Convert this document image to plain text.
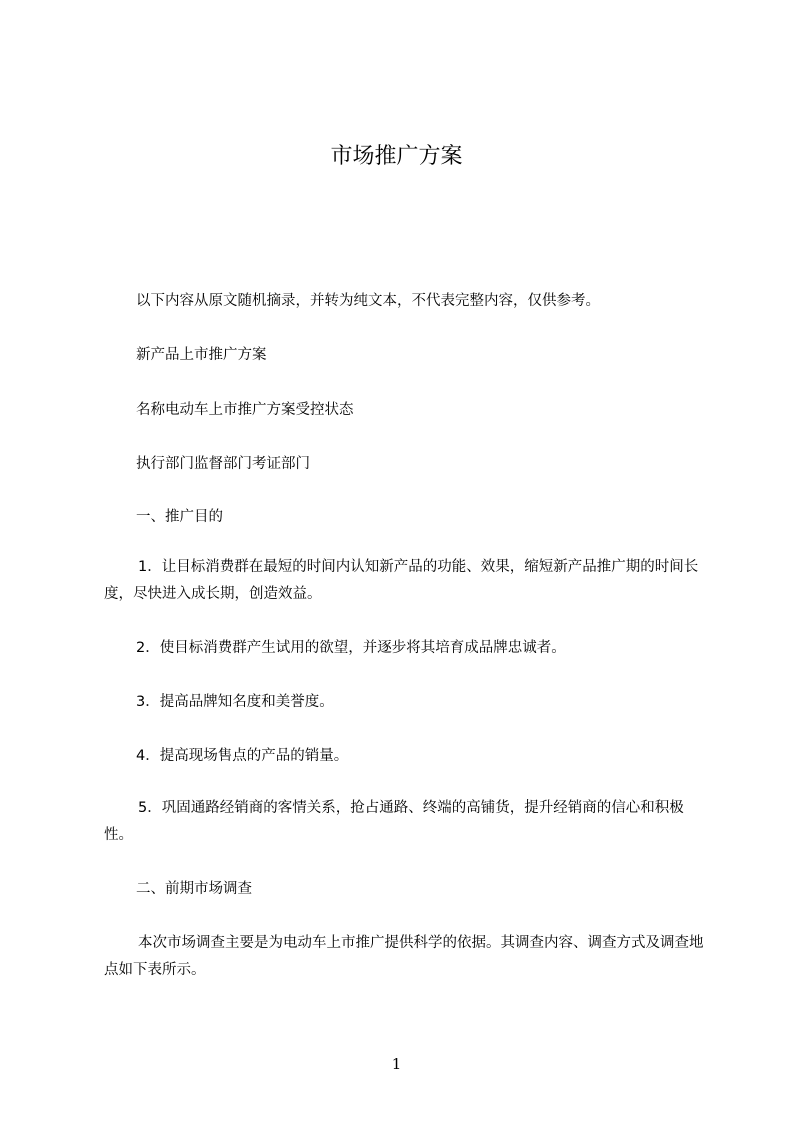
市场推广方案
以下内容从原文随机摘录，并转为纯文本，不代表完整内容，仅供参考。
新产品上市推广方案
名称电动车上市推广方案受控状态
执行部门监督部门考证部门
一、推广目的
1．让目标消费群在最短的时间内认知新产品的功能、效果，缩短新产品推广期的时间长度，尽快进入成长期，创造效益。
2．使目标消费群产生试用的欲望，并逐步将其培育成品牌忠诚者。
3．提高品牌知名度和美誉度。
4．提高现场售点的产品的销量。
5．巩固通路经销商的客情关系，抢占通路、终端的高铺货，提升经销商的信心和积极性。
二、前期市场调查
本次市场调查主要是为电动车上市推广提供科学的依据。其调查内容、调查方式及调查地点如下表所示。
1
